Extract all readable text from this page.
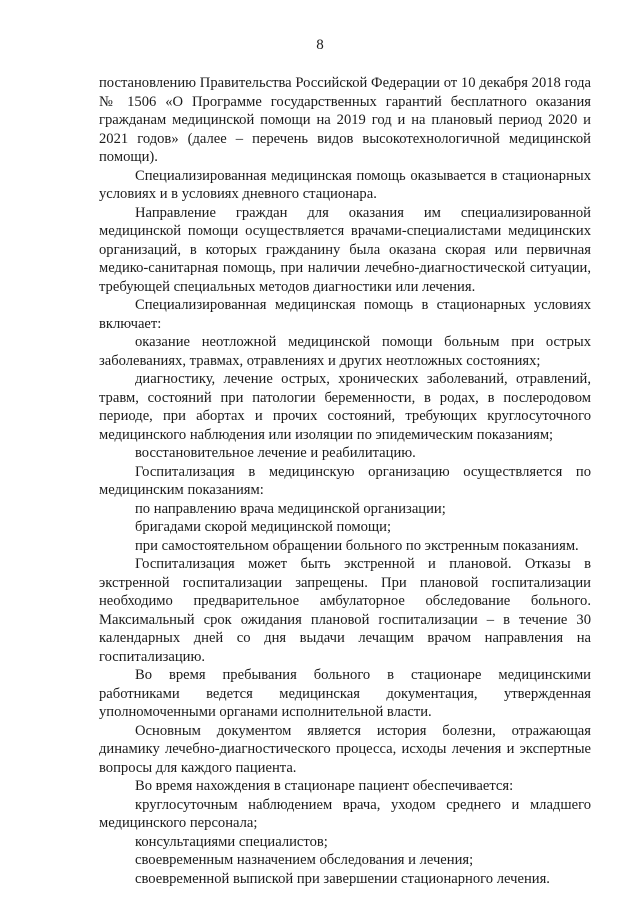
8

постановлению Правительства Российской Федерации от 10 декабря 2018 года № 1506 «О Программе государственных гарантий бесплатного оказания гражданам медицинской помощи на 2019 год и на плановый период 2020 и 2021 годов» (далее – перечень видов высокотехнологичной медицинской помощи).

Специализированная медицинская помощь оказывается в стационарных условиях и в условиях дневного стационара.

Направление граждан для оказания им специализированной медицинской помощи осуществляется врачами-специалистами медицинских организаций, в которых гражданину была оказана скорая или первичная медико-санитарная помощь, при наличии лечебно-диагностической ситуации, требующей специальных методов диагностики или лечения.

Специализированная медицинская помощь в стационарных условиях включает:

оказание неотложной медицинской помощи больным при острых заболеваниях, травмах, отравлениях и других неотложных состояниях;

диагностику, лечение острых, хронических заболеваний, отравлений, травм, состояний при патологии беременности, в родах, в послеродовом периоде, при абортах и прочих состояний, требующих круглосуточного медицинского наблюдения или изоляции по эпидемическим показаниям;

восстановительное лечение и реабилитацию.

Госпитализация в медицинскую организацию осуществляется по медицинским показаниям:

по направлению врача медицинской организации;

бригадами скорой медицинской помощи;

при самостоятельном обращении больного по экстренным показаниям.

Госпитализация может быть экстренной и плановой. Отказы в экстренной госпитализации запрещены. При плановой госпитализации необходимо предварительное амбулаторное обследование больного. Максимальный срок ожидания плановой госпитализации – в течение 30 календарных дней со дня выдачи лечащим врачом направления на госпитализацию.

Во время пребывания больного в стационаре медицинскими работниками ведется медицинская документация, утвержденная уполномоченными органами исполнительной власти.

Основным документом является история болезни, отражающая динамику лечебно-диагностического процесса, исходы лечения и экспертные вопросы для каждого пациента.

Во время нахождения в стационаре пациент обеспечивается:

круглосуточным наблюдением врача, уходом среднего и младшего медицинского персонала;

консультациями специалистов;

своевременным назначением обследования и лечения;

своевременной выпиской при завершении стационарного лечения.
